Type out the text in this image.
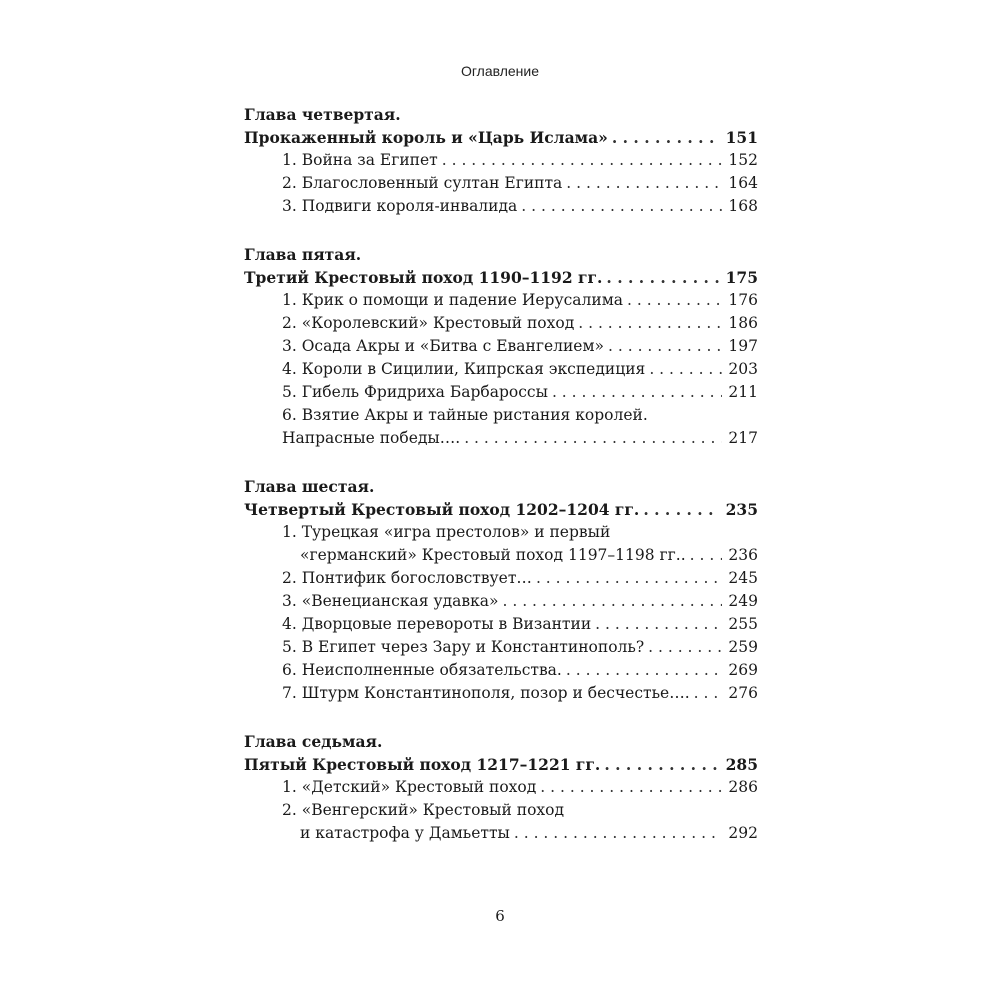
Оглавление
Глава четвертая.
Прокаженный король и «Царь Ислама» . . .	151
1. Война за Египет . . .	152
2. Благословенный султан Египта . . .	164
3. Подвиги короля-инвалида . . .	168
Глава пятая.
Третий Крестовый поход 1190–1192 гг. . . .	175
1. Крик о помощи и падение Иерусалима . . .	176
2. «Королевский» Крестовый поход . . .	186
3. Осада Акры и «Битва с Евангелием» . . .	197
4. Короли в Сицилии, Кипрская экспедиция . . .	203
5. Гибель Фридриха Барбароссы . . .	211
6. Взятие Акры и тайные ристания королей.
Напрасные победы…. . . .	217
Глава шестая.
Четвертый Крестовый поход 1202–1204 гг. . . .	235
1. Турецкая «игра престолов» и первый
«германский» Крестовый поход 1197–1198 гг.. . . .	236
2. Понтифик богословствует… . . .	245
3. «Венецианская удавка» . . .	249
4. Дворцовые перевороты в Византии . . .	255
5. В Египет через Зару и Константинополь? . . .	259
6. Неисполненные обязательства. . . .	269
7. Штурм Константинополя, позор и бесчестье…. . . .	276
Глава седьмая.
Пятый Крестовый поход 1217–1221 гг. . . .	285
1. «Детский» Крестовый поход . . .	286
2. «Венгерский» Крестовый поход
и катастрофа у Дамьетты . . .	292
6
